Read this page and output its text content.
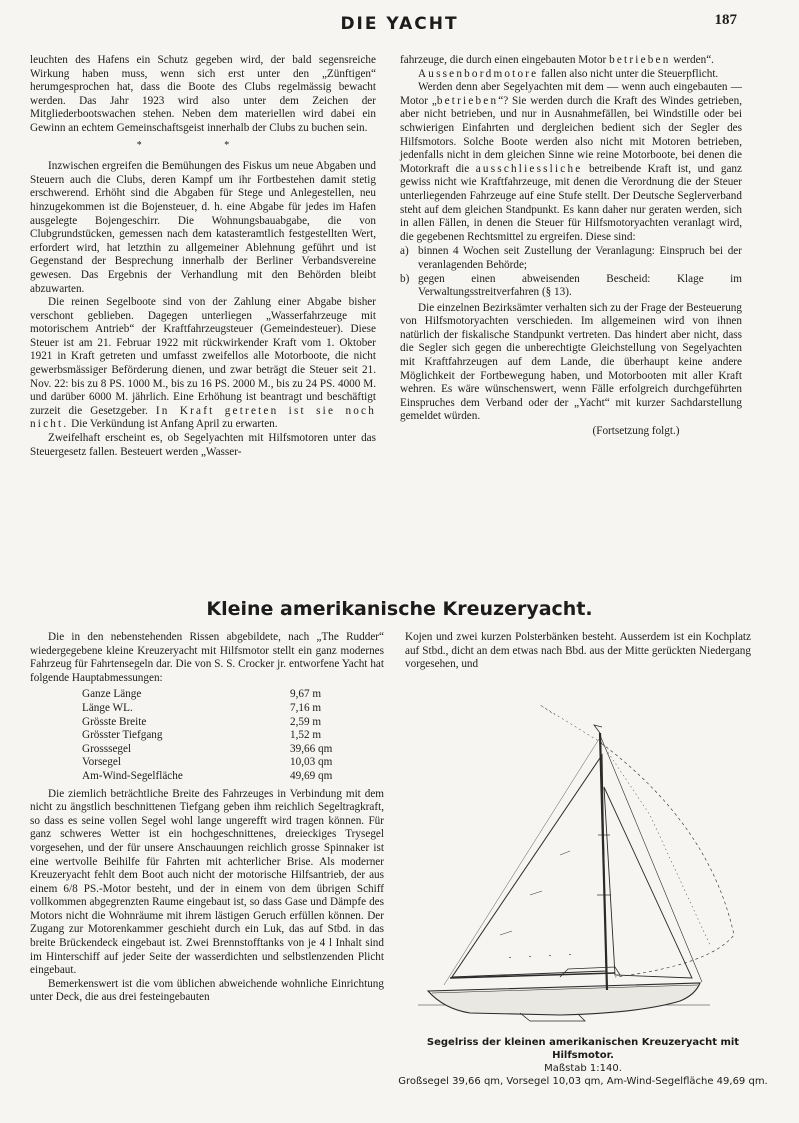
DIE YACHT	187

leuchten des Hafens ein Schutz gegeben wird, der bald segensreiche Wirkung haben muss, wenn sich erst unter den „Zünftigen“ herumgesprochen hat, dass die Boote des Clubs regelmässig bewacht werden. Das Jahr 1923 wird also unter dem Zeichen der Mitgliederbootswachen stehen. Neben dem materiellen wird dabei ein Gewinn an echtem Gemeinschaftsgeist innerhalb der Clubs zu buchen sein.

* *

Inzwischen ergreifen die Bemühungen des Fiskus um neue Abgaben und Steuern auch die Clubs, deren Kampf um ihr Fortbestehen damit stetig erschwerend. Erhöht sind die Abgaben für Stege und Anlegestellen, neu hinzugekommen ist die Bojensteuer, d. h. eine Abgabe für jedes im Hafen ausgelegte Bojengeschirr. Die Wohnungsbauabgabe, die von Clubgrundstücken, gemessen nach dem katasteramtlich festgestellten Wert, erfordert wird, hat letzthin zu allgemeiner Ablehnung geführt und ist Gegenstand der Besprechung innerhalb der Berliner Verbandsvereine gewesen. Das Ergebnis der Verhandlung mit den Behörden bleibt abzuwarten.

Die reinen Segelboote sind von der Zahlung einer Abgabe bisher verschont geblieben. Dagegen unterliegen „Wasserfahrzeuge mit motorischem Antrieb“ der Kraftfahrzeugsteuer (Gemeindesteuer). Diese Steuer ist am 21. Februar 1922 mit rückwirkender Kraft vom 1. Oktober 1921 in Kraft getreten und umfasst zweifellos alle Motorboote, die nicht gewerbsmässiger Beförderung dienen, und zwar beträgt die Steuer seit 21. Nov. 22: bis zu 8 PS. 1000 M., bis zu 16 PS. 2000 M., bis zu 24 PS. 4000 M. und darüber 6000 M. jährlich. Eine Erhöhung ist beantragt und beschäftigt zurzeit die Gesetzgeber. In Kraft getreten ist sie noch nicht. Die Verkündung ist Anfang April zu erwarten.

Zweifelhaft erscheint es, ob Segelyachten mit Hilfsmotoren unter das Steuergesetz fallen. Besteuert werden „Wasser-

fahrzeuge, die durch einen eingebauten Motor betrieben werden“.

Aussenbordmotore fallen also nicht unter die Steuerpflicht.

Werden denn aber Segelyachten mit dem — wenn auch eingebauten — Motor „betrieben“? Sie werden durch die Kraft des Windes getrieben, aber nicht betrieben, und nur in Ausnahmefällen, bei Windstille oder bei schwierigen Einfahrten und dergleichen bedient sich der Segler des Hilfsmotors. Solche Boote werden also nicht mit Motoren betrieben, jedenfalls nicht in dem gleichen Sinne wie reine Motorboote, bei denen die Motorkraft die ausschliessliche betreibende Kraft ist, und ganz gewiss nicht wie Kraftfahrzeuge, mit denen die Verordnung die der Steuer unterliegenden Fahrzeuge auf eine Stufe stellt. Der Deutsche Seglerverband steht auf dem gleichen Standpunkt. Es kann daher nur geraten werden, sich in allen Fällen, in denen die Steuer für Hilfsmotoryachten veranlagt wird, die gegebenen Rechtsmittel zu ergreifen. Diese sind:

a) binnen 4 Wochen seit Zustellung der Veranlagung: Einspruch bei der veranlagenden Behörde;
b) gegen einen abweisenden Bescheid: Klage im Verwaltungsstreitverfahren (§ 13).

Die einzelnen Bezirksämter verhalten sich zu der Frage der Besteuerung von Hilfsmotoryachten verschieden. Im allgemeinen wird von ihnen natürlich der fiskalische Standpunkt vertreten. Das hindert aber nicht, dass die Segler sich gegen die unberechtigte Gleichstellung von Segelyachten mit Kraftfahrzeugen auf dem Lande, die überhaupt keine andere Möglichkeit der Fortbewegung haben, und Motorbooten mit aller Kraft wehren. Es wäre wünschenswert, wenn Fälle erfolgreich durchgeführten Einspruches dem Verband oder der „Yacht“ mit kurzer Sachdarstellung gemeldet würden.

(Fortsetzung folgt.)
Kleine amerikanische Kreuzeryacht.

Die in den nebenstehenden Rissen abgebildete, nach „The Rudder“ wiedergegebene kleine Kreuzeryacht mit Hilfsmotor stellt ein ganz modernes Fahrzeug für Fahrtensegeln dar. Die von S. S. Crocker jr. entworfene Yacht hat folgende Hauptabmessungen:

Ganze Länge	9,67 m
Länge WL.	7,16 m
Grösste Breite	2,59 m
Grösster Tiefgang	1,52 m
Grosssegel	39,66 qm
Vorsegel	10,03 qm
Am-Wind-Segelfläche	49,69 qm

Die ziemlich beträchtliche Breite des Fahrzeuges in Verbindung mit dem nicht zu ängstlich beschnittenen Tiefgang geben ihm reichlich Segeltragkraft, so dass es seine vollen Segel wohl lange ungerefft wird tragen können. Für ganz schweres Wetter ist ein hochgeschnittenes, dreieckiges Trysegel vorgesehen, und der für unsere Anschauungen reichlich grosse Spinnaker ist eine wertvolle Beihilfe für Fahrten mit achterlicher Brise. Als moderner Kreuzeryacht fehlt dem Boot auch nicht der motorische Hilfsantrieb, der aus einem 6/8 PS.-Motor besteht, und der in einem von dem übrigen Schiff vollkommen abgegrenzten Raume eingebaut ist, so dass Gase und Dämpfe des Motors nicht die Wohnräume mit ihrem lästigen Geruch erfüllen können. Der Zugang zur Motorenkammer geschieht durch ein Luk, das auf Stbd. in das breite Brückendeck eingebaut ist. Zwei Brennstofftanks von je 4 l Inhalt sind im Hinterschiff auf jeder Seite der wasserdichten und selbstlenzenden Plicht eingebaut.

Bemerkenswert ist die vom üblichen abweichende wohnliche Einrichtung unter Deck, die aus drei festeingebauten

Kojen und zwei kurzen Polsterbänken besteht. Ausserdem ist ein Kochplatz auf Stbd., dicht an dem etwas nach Bbd. aus der Mitte gerückten Niedergang vorgesehen, und

Segelriss der kleinen amerikanischen Kreuzeryacht mit Hilfsmotor.
Maßstab 1:140.
Großsegel 39,66 qm, Vorsegel 10,03 qm, Am-Wind-Segelfläche 49,69 qm.
